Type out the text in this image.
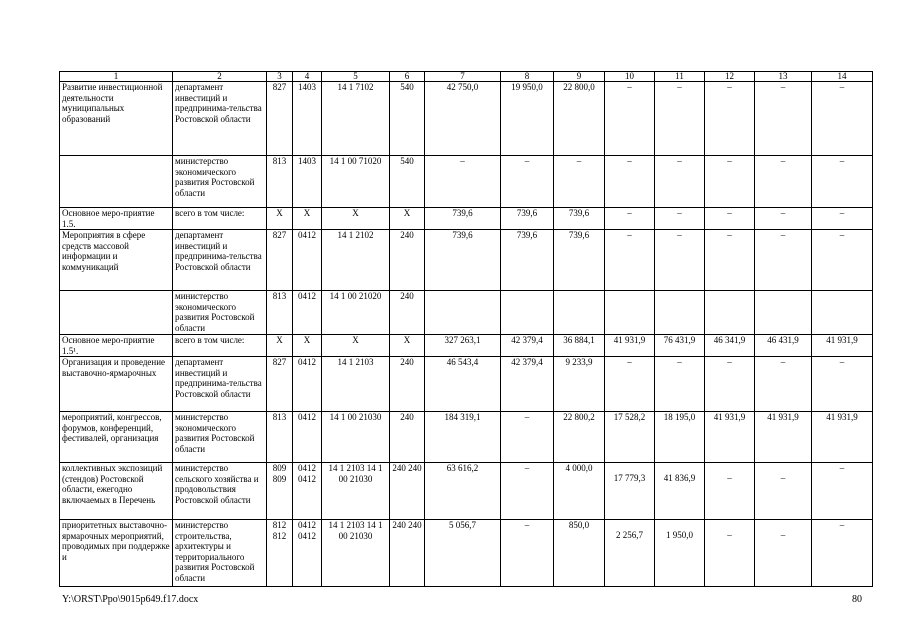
1	2	3	4	5	6	7	8	9	10	11	12	13	14
Развитие инвестиционной деятельности муниципальных образований	департамент инвестиций и предпринима-тельства Ростовской области	827	1403	14 1 7102	540	42 750,0	19 950,0	22 800,0	–	–	–	–	–
	министерство экономического развития Ростовской области	813	1403	14 1 00 71020	540	–	–	–	–	–	–	–	–
Основное меро-приятие 1.5.	всего в том числе:	Х	Х	Х	Х	739,6	739,6	739,6	–	–	–	–	–
Мероприятия в сфере средств массовой информации и коммуникаций	департамент инвестиций и предпринима-тельства Ростовской области	827	0412	14 1 2102	240	739,6	739,6	739,6	–	–	–	–	–
	министерство экономического развития Ростовской области	813	0412	14 1 00 21020	240								
Основное меро-приятие 1.5¹.	всего в том числе:	Х	Х	Х	Х	327 263,1	42 379,4	36 884,1	41 931,9	76 431,9	46 341,9	46 431,9	41 931,9
Организация и проведение выставочно-ярмарочных	департамент инвестиций и предпринима-тельства Ростовской области	827	0412	14 1 2103	240	46 543,4	42 379,4	9 233,9	–	–	–	–	–
мероприятий, конгрессов, форумов, конференций, фестивалей, организация	министерство экономического развития Ростовской области	813	0412	14 1 00 21030	240	184 319,1	–	22 800,2	17 528,2	18 195,0	41 931,9	41 931,9	41 931,9
коллективных экспозиций (стендов) Ростовской области, ежегодно включаемых в Перечень	министерство сельского хозяйства и продовольствия Ростовской области	809 809	0412 0412	14 1 2103 14 1 00 21030	240 240	63 616,2	–	4 000,0	17 779,3	41 836,9	–	–	–
приоритетных выставочно-ярмарочных мероприятий, проводимых при поддержке и	министерство строительства, архитектуры и территориального развития Ростовской области	812 812	0412 0412	14 1 2103 14 1 00 21030	240 240	5 056,7	–	850,0	2 256,7	1 950,0	–	–	–
Y:\ORST\Ppo\9015p649.f17.docx	80
